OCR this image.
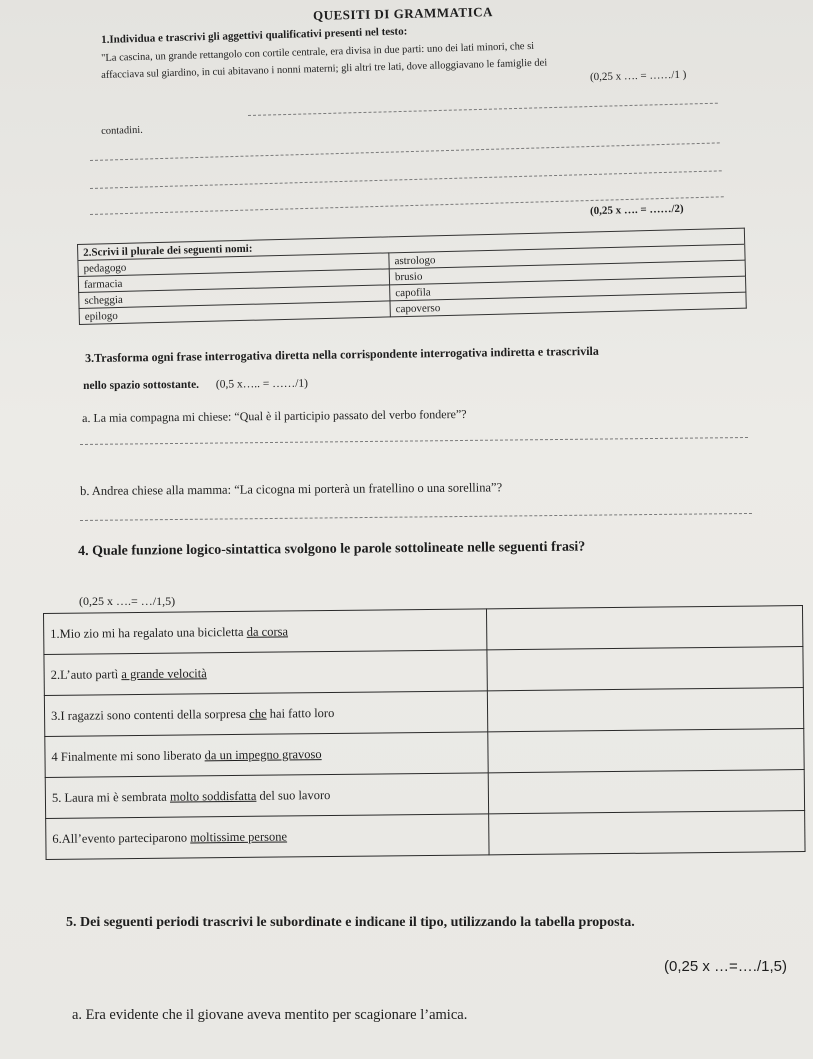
QUESITI DI GRAMMATICA
1.Individua e trascrivi gli aggettivi qualificativi presenti nel testo:
"La cascina, un grande rettangolo con cortile centrale, era divisa in due parti: uno dei lati minori, che si
affacciava sul giardino, in cui abitavano i nonni materni; gli altri tre lati, dove alloggiavano le famiglie dei
contadini.
(0,25 x …. = ……/1 )
(0,25 x …. = ……/2)
2.Scrivi il plurale dei seguenti nomi:	
pedagogo	astrologo
farmacia	brusio
scheggia	capofila
epilogo	capoverso
3.Trasforma ogni frase interrogativa diretta nella corrispondente interrogativa indiretta e trascrivila
nello spazio sottostante. (0,5 x….. = ……/1)
a. La mia compagna mi chiese: “Qual è il participio passato del verbo fondere”?
b. Andrea chiese alla mamma: “La cicogna mi porterà un fratellino o una sorellina”?
4. Quale funzione logico-sintattica svolgono le parole sottolineate nelle seguenti frasi?
(0,25 x ….= …/1,5)
1.Mio zio mi ha regalato una bicicletta da corsa	
2.L’auto partì a grande velocità	
3.I ragazzi sono contenti della sorpresa che hai fatto loro	
4 Finalmente mi sono liberato da un impegno gravoso	
5. Laura mi è sembrata molto soddisfatta del suo lavoro	
6.All’evento parteciparono moltissime persone	
5. Dei seguenti periodi trascrivi le subordinate e indicane il tipo, utilizzando la tabella proposta.
(0,25 x …=…./1,5)
a. Era evidente che il giovane aveva mentito per scagionare l’amica.
